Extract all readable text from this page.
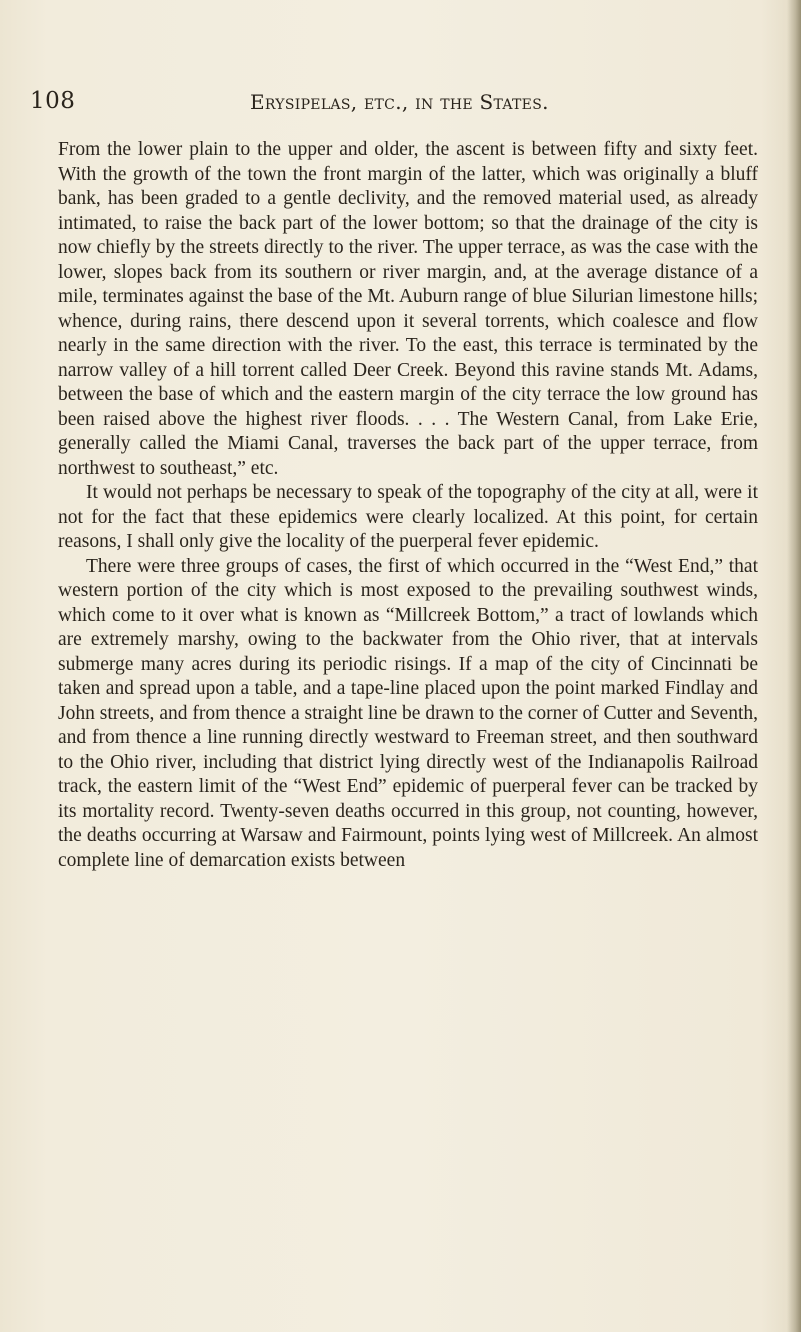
108	Erysipelas, etc., in the States.

From the lower plain to the upper and older, the ascent is between fifty and sixty feet. With the growth of the town the front margin of the latter, which was originally a bluff bank, has been graded to a gentle declivity, and the removed material used, as already intimated, to raise the back part of the lower bottom; so that the drainage of the city is now chiefly by the streets directly to the river. The upper terrace, as was the case with the lower, slopes back from its southern or river margin, and, at the average distance of a mile, terminates against the base of the Mt. Auburn range of blue Silurian limestone hills; whence, during rains, there descend upon it several torrents, which coalesce and flow nearly in the same direction with the river. To the east, this terrace is terminated by the narrow valley of a hill torrent called Deer Creek. Beyond this ravine stands Mt. Adams, between the base of which and the eastern margin of the city terrace the low ground has been raised above the highest river floods. . . . The Western Canal, from Lake Erie, generally called the Miami Canal, traverses the back part of the upper terrace, from northwest to southeast,” etc.

It would not perhaps be necessary to speak of the topography of the city at all, were it not for the fact that these epidemics were clearly localized. At this point, for certain reasons, I shall only give the locality of the puerperal fever epidemic.

There were three groups of cases, the first of which occurred in the “West End,” that western portion of the city which is most exposed to the prevailing southwest winds, which come to it over what is known as “Millcreek Bottom,” a tract of lowlands which are extremely marshy, owing to the backwater from the Ohio river, that at intervals submerge many acres during its periodic risings. If a map of the city of Cincinnati be taken and spread upon a table, and a tape-line placed upon the point marked Findlay and John streets, and from thence a straight line be drawn to the corner of Cutter and Seventh, and from thence a line running directly westward to Freeman street, and then southward to the Ohio river, including that district lying directly west of the Indianapolis Railroad track, the eastern limit of the “West End” epidemic of puerperal fever can be tracked by its mortality record. Twenty-seven deaths occurred in this group, not counting, however, the deaths occurring at Warsaw and Fairmount, points lying west of Millcreek. An almost complete line of demarcation exists between
